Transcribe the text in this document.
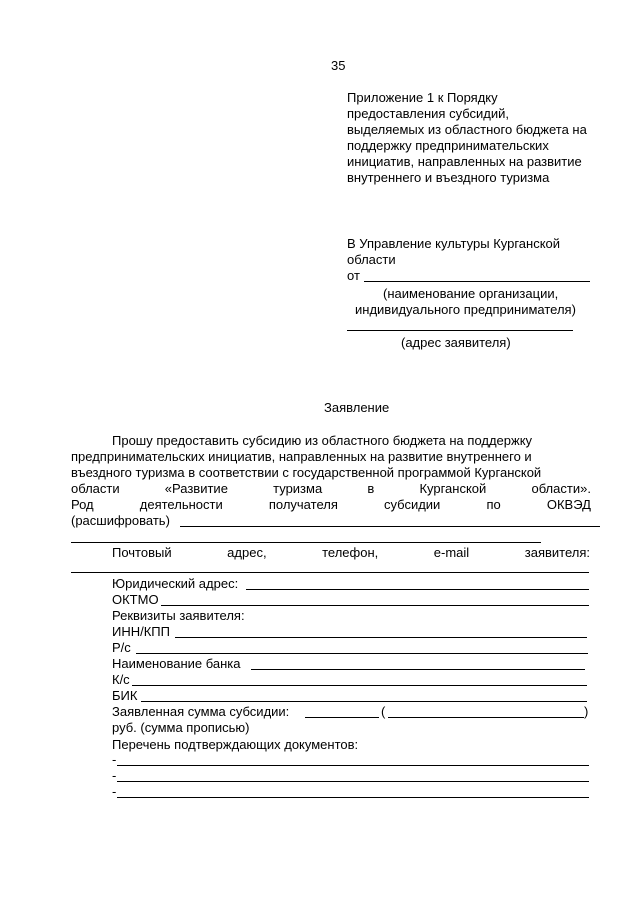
35
Приложение 1 к Порядку
предоставления субсидий,
выделяемых из областного бюджета на
поддержку предпринимательских
инициатив, направленных на развитие
внутреннего и въездного туризма
В Управление культуры Курганской
области
от
(наименование организации,
индивидуального предпринимателя)
(адрес заявителя)
Заявление
Прошу предоставить субсидию из областного бюджета на поддержку
предпринимательских инициатив, направленных на развитие внутреннего и
въездного туризма в соответствии с государственной программой Курганской
области	«Развитие	туризма	в	Курганской	области».
Род	деятельности	получателя	субсидии	по	ОКВЭД
(расшифровать)
Почтовый	адрес,	телефон,	e-mail	заявителя:
Юридический адрес:
ОКТМО
Реквизиты заявителя:
ИНН/КПП
Р/с
Наименование банка
К/с
БИК
Заявленная сумма субсидии:	(	)
руб. (сумма прописью)
Перечень подтверждающих документов:
-
-
-
